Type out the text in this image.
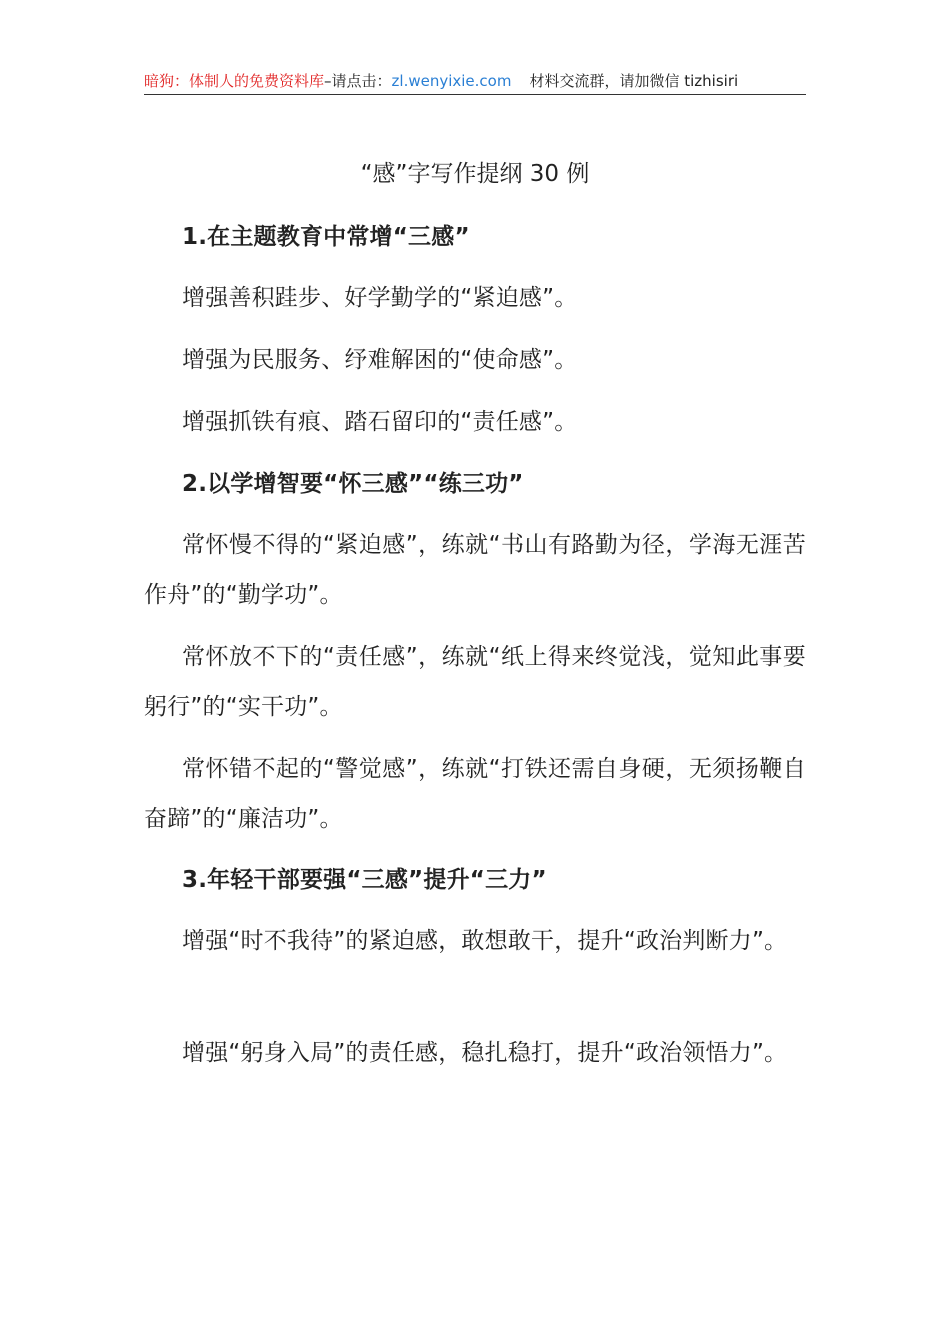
暗狗：体制人的免费资料库–请点击：zl.wenyixie.com 材料交流群，请加微信 tizhisiri
“感”字写作提纲 30 例
1.在主题教育中常增“三感”
增强善积跬步、好学勤学的“紧迫感”。
增强为民服务、纾难解困的“使命感”。
增强抓铁有痕、踏石留印的“责任感”。
2.以学增智要“怀三感”“练三功”
常怀慢不得的“紧迫感”，练就“书山有路勤为径，学海无涯苦作舟”的“勤学功”。
常怀放不下的“责任感”，练就“纸上得来终觉浅，觉知此事要躬行”的“实干功”。
常怀错不起的“警觉感”，练就“打铁还需自身硬，无须扬鞭自奋蹄”的“廉洁功”。
3.年轻干部要强“三感”提升“三力”
增强“时不我待”的紧迫感，敢想敢干，提升“政治判断力”。
增强“躬身入局”的责任感，稳扎稳打，提升“政治领悟力”。
